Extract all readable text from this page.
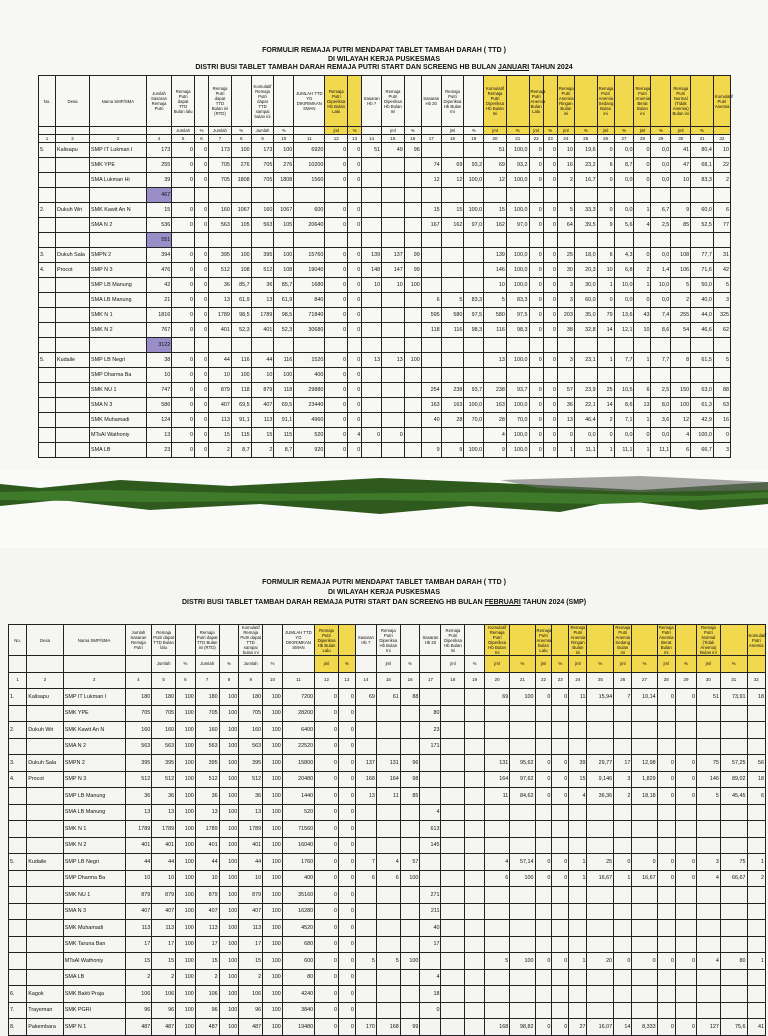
FORMULIR REMAJA PUTRI MENDAPAT TABLET TAMBAH DARAH ( TTD )
DI WILAYAH KERJA PUSKESMAS
DISTRI BUSI TABLET TAMBAH DARAH REMAJA PUTRI START DAN SCREENG HB BULAN JANUARI TAHUN 2024
No.	Desa	Nama SMP/SMA	Jumlah Sasaran Remaja Putri	Remaja Putri dapat TTD Bulan lalu		Remaja Putri dapat TTD Bulan ini (RTD)		Komulatif Remaja Putri dapat TTD sampai bulan ini		JUMLAH TTD YG DIKIRIMKAN SMAN	Remaja Putri Diperiksa Hb Bulan Lalu		Sasaran Hb ?	Remaja Putri Diperiksa Hb Bulan Ini		Sasaran Hb 20	Remaja Putri Diperiksa Hb Bulan Ini		Komulatif Remaja Putri Diperiksa Hb Bulan Ini		Remaja Putri Anemia Bulan Lalu		Remaja Putri Anemia Ringan Bulan ini		Remaja Putri Anemia Sedang Bulan ini		Remaja Putri Anemia Berat Bulan ini		Remaja Putri Normal (Tidak Anemia) Bulan ini		Komulatif Putri Anemia
				Jumlah	%	Jumlah	%	Jumlah	%		jml	%		jml	%		jml	%	jml	%	jml	%	jml	%	jml	%	jml	%	jml	%	
1	2	3	4	5	6	7	8	9	10	11	12	13	14	15	16	17	18	19	20	21	22	23	24	25	26	27	28	29	30	31	32
5.	Kalisapu	SMP IT Lukman I	173	0	0	173	100	173	100	6920	0	0	51	49	96				51	100,0	0	0	10	19,6	0	0,0	0	0,0	41	80,4	10
		SMK YPE	255	0	0	705	276	705	276	10200	0	0				74	69	93,2	69	93,2	0	0	16	23,2	6	8,7	0	0,0	47	68,1	22
		SMA Lukman Hi	39	0	0	705	1808	705	1808	1560	0	0				12	12	100,0	12	100,0	0	0	2	16,7	0	0,0	0	0,0	10	83,3	2
			467																												
2.	Dukuh Wri	SMK Kawit An N	15	0	0	160	1067	160	1067	600	0	0				15	15	100,0	15	100,0	0	0	5	33,3	0	0,0	1	6,7	9	60,0	6
		SMA N 2	536	0	0	563	105	563	105	20640	0	0				167	162	97,0	162	97,0	0	0	64	39,5	9	5,6	4	2,5	85	52,5	77
			551																												
3.	Dukuh Sala	SMPN 2	394	0	0	395	100	395	100	15760	0	0	139	137	99				139	100,0	0	0	25	18,0	6	4,3	0	0,0	108	77,7	31
4.	Procot	SMP N 3	476	0	0	512	108	512	108	19040	0	0	148	147	99				146	100,0	0	0	30	20,3	10	6,8	2	1,4	106	71,6	42
		SMP LB Manung	42	0	0	36	85,7	36	85,7	1680	0	0	10	10	100				10	100,0	0	0	3	30,0	1	10,0	1	10,0	5	50,0	5
		SMA LB Manung	21	0	0	13	61,9	13	61,9	840	0	0				6	5	83,3	5	83,3	0	0	3	60,0	0	0,0	0	0,0	2	40,0	3
		SMK N 1	1816	0	0	1789	98,5	1789	98,5	71840	0	0				595	580	97,5	580	97,5	0	0	203	35,0	79	13,6	43	7,4	255	44,0	325
		SMK N 2	767	0	0	401	52,3	401	52,3	30680	0	0				118	116	98,3	116	98,3	0	0	38	32,8	14	12,1	10	8,6	54	46,6	62
			3122																												
5.	Kudaile	SMP LB Negri	38	0	0	44	116	44	116	1520	0	0	13	13	100				13	100,0	0	0	3	23,1	1	7,7	1	7,7	8	61,5	5
		SMP Dharma Ba	10	0	0	10	100	10	100	400	0	0																			
		SMK NU 1	747	0	0	879	118	879	118	29880	0	0				254	238	93,7	238	93,7	0	0	57	23,9	25	10,5	6	2,5	150	63,0	88
		SMA N 3	586	0	0	407	69,5	407	69,5	23440	0	0				163	163	100,0	163	100,0	0	0	36	22,1	14	8,6	13	8,0	100	61,3	63
		SMK Muhamadi	124	0	0	113	91,1	113	91,1	4960	0	0				40	28	70,0	28	70,0	0	0	13	46,4	2	7,1	1	3,6	12	42,9	16
		MTsAl Wathoniy	13	0	0	15	115	15	115	520	0	4	0	0					4	100,0	0	0	0	0,0	0	0,0	0	0,0	4	100,0	0
		SMA LB	23	0	0	2	8,7	2	8,7	920	0	0				9	9	100,0	9	100,0	0	0	1	11,1	1	11,1	1	11,1	6	66,7	3
FORMULIR REMAJA PUTRI MENDAPAT TABLET TAMBAH DARAH ( TTD )
DI WILAYAH KERJA PUSKESMAS
DISTRI BUSI TABLET TAMBAH DARAH REMAJA PUTRI START DAN SCREENG HB BULAN FEBRUARI TAHUN 2024 (SMP)
No.	Desa	Nama SMP/SMA	Jumlah Sasaran Remaja Putri	Remaja Putri dapat TTD Bulan lalu		Remaja Putri dapat TTD Bulan ini (RTD)		Komulatif Remaja Putri dapat TTD sampai bulan ini		JUMLAH TTD YG DIKIRIMKAN SMAN	Remaja Putri Diperiksa Hb Bulan Lalu		Sasaran Hb ?	Remaja Putri Diperiksa Hb Bulan Ini		Sasaran Hb 20	Remaja Putri Diperiksa Hb Bulan Ini		Komulatif Remaja Putri Diperiksa Hb Bulan Ini		Remaja Putri Anemia Bulan Lalu		Remaja Putri Anemia Ringan Bulan ini		Remaja Putri Anemia Sedang Bulan ini		Remaja Putri Anemia Berat Bulan ini		Remaja Putri Normal (Tidak Anemia) Bulan ini		Komulatif Putri Anemia
				Jumlah	%	Jumlah	%	Jumlah	%		jml	%		jml	%		jml	%	jml	%	jml	%	jml	%	jml	%	jml	%	jml	%	
1	2	3	4	5	6	7	8	9	10	11	12	13	14	15	16	17	18	19	20	21	22	23	24	25	26	27	28	29	30	31	32
1.	Kalisapu	SMP IT Lukman I	180	180	100	180	100	180	100	7200	0	0	69	61	88				69	100	0	0	11	15,94	7	10,14	0	0	51	73,91	18
		SMK YPE	705	705	100	705	100	705	100	28200	0	0				80															
2.	Dukuh Wri	SMK Kawit An N	160	160	100	160	100	160	100	6400	0	0				23															
		SMA N 2	563	563	100	563	100	563	100	22520	0	0				171															
3.	Dukuh Sala	SMPN 2	395	395	100	395	100	395	100	15800	0	0	137	131	96				131	95,62	0	0	39	29,77	17	12,98	0	0	75	57,25	56
4.	Procot	SMP N 3	512	512	100	512	100	512	100	20480	0	0	168	164	98				164	97,62	0	0	15	9,146	3	1,829	0	0	146	89,02	18
		SMP LB Manung	36	36	100	36	100	36	100	1440	0	0	13	11	85				11	84,62	0	0	4	36,36	2	18,18	0	0	5	45,45	6
		SMA LB Manung	13	13	100	13	100	13	100	520	0	0				4															
		SMK N 1	1789	1789	100	1789	100	1789	100	71560	0	0				613															
		SMK N 2	401	401	100	401	100	401	100	16040	0	0				145															
5.	Kudaile	SMP LB Negri	44	44	100	44	100	44	100	1760	0	0	7	4	57				4	57,14	0	0	1	25	0	0	0	0	3	75	1
		SMP Dharma Ba	10	10	100	10	100	10	100	400	0	0	6	6	100				6	100	0	0	1	16,67	1	16,67	0	0	4	66,67	2
		SMK NU 1	879	879	100	879	100	879	100	35160	0	0				271															
		SMA N 3	407	407	100	407	100	407	100	16280	0	0				211															
		SMK Muhamadi	113	113	100	113	100	113	100	4520	0	0				40															
		SMK Taruna Ban	17	17	100	17	100	17	100	680	0	0				17															
		MTsAl Wathoniy	15	15	100	15	100	15	100	600	0	0	5	5	100				5	100	0	0	1	20	0	0	0	0	4	80	1
		SMA LB	2	2	100	2	100	2	100	80	0	0				4															
6.	Kagok	SMK Bakti Praja	106	106	100	106	100	106	100	4240	0	0				18															
7.	Trayeman	SMK PGRI	96	96	100	96	100	96	100	3840	0	0				0															
8.	Pakembara	SMP N 1	487	487	100	487	100	487	100	19480	0	0	170	168	99				168	98,82	0	0	27	16,07	14	8,333	0	0	127	75,6	41
